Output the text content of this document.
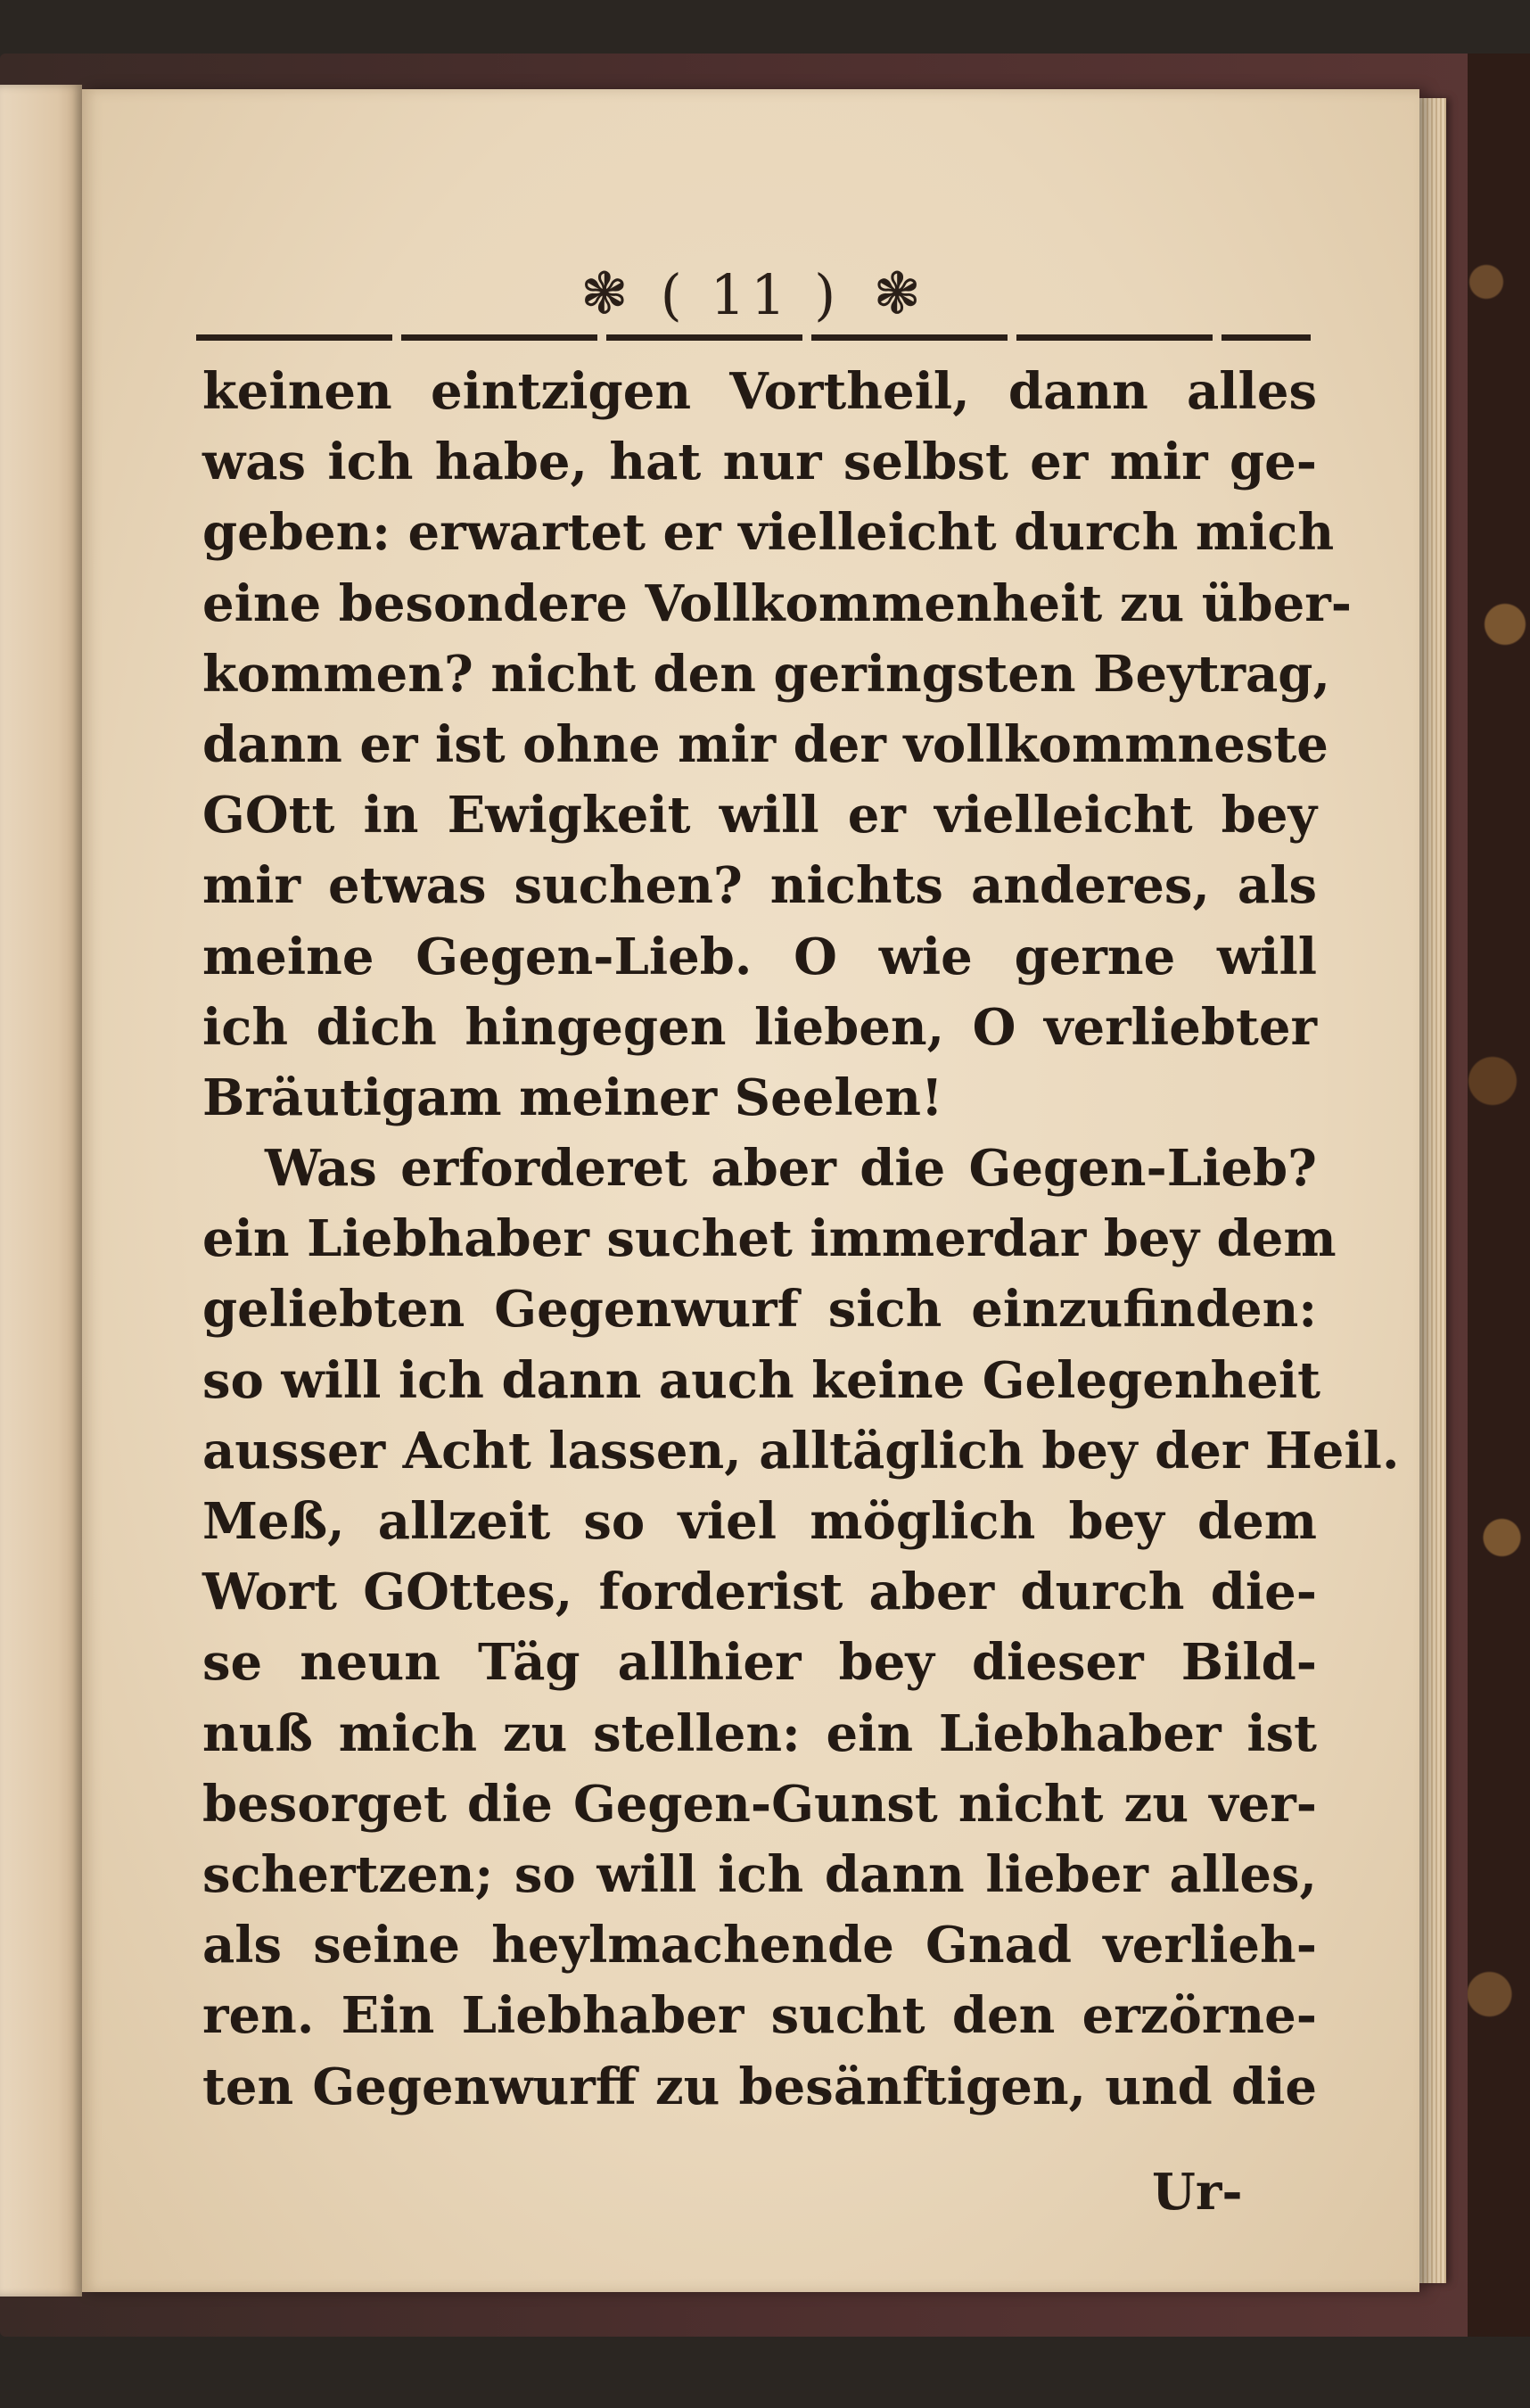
❃ ( 11 ) ❃
keinen eintzigen Vortheil, dann alles
was ich habe, hat nur selbst er mir ge-
geben: erwartet er vielleicht durch mich
eine besondere Vollkommenheit zu über-
kommen? nicht den geringsten Beytrag,
dann er ist ohne mir der vollkommneste
GOtt in Ewigkeit will er vielleicht bey
mir etwas suchen? nichts anderes, als
meine Gegen-Lieb. O wie gerne will
ich dich hingegen lieben, O verliebter
Bräutigam meiner Seelen!
Was erforderet aber die Gegen-Lieb?
ein Liebhaber suchet immerdar bey dem
geliebten Gegenwurf sich einzufinden:
so will ich dann auch keine Gelegenheit
ausser Acht lassen, alltäglich bey der Heil.
Meß, allzeit so viel möglich bey dem
Wort GOttes, forderist aber durch die-
se neun Täg allhier bey dieser Bild-
nuß mich zu stellen: ein Liebhaber ist
besorget die Gegen-Gunst nicht zu ver-
schertzen; so will ich dann lieber alles,
als seine heylmachende Gnad verlieh-
ren. Ein Liebhaber sucht den erzörne-
ten Gegenwurff zu besänftigen, und die
Ur-
